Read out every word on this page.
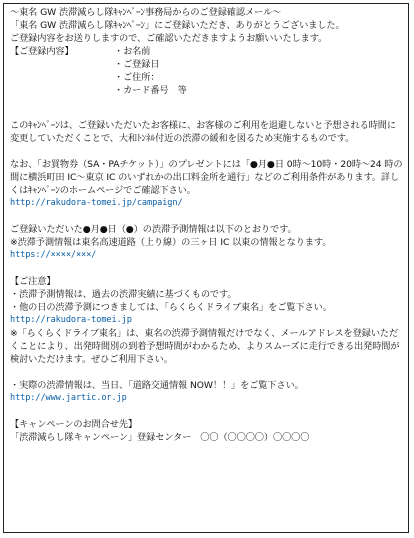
〜東名 GW 渋滞減らし隊ｷｬﾝﾍﾟｰﾝ事務局からのご登録確認メール〜
「東名 GW 渋滞減らし隊ｷｬﾝﾍﾟｰﾝ」にご登録いただき、ありがとうございました。
ご登録内容をお送りしますので、ご確認いただきますようお願いいたします。
【ご登録内容】	・お名前
・ご登録日
・ご住所：
・カード番号　等
このｷｬﾝﾍﾟｰﾝは、ご登録いただいたお客様に、お客様のご利用を退避しないと予想される時間に変更していただくことで、大和ﾄﾝﾈﾙ付近の渋滞の緩和を図るため実施するものです。
なお、「お買物券（SA・PAチケット）」のプレゼントには「●月●日 0時〜10時・20時〜24 時の間に横浜町田 IC〜東京 IC のいずれかの出口料金所を通行」などのご利用条件があります。詳しくはｷｬﾝﾍﾟｰﾝのホームページでご確認下さい。
http://rakudora-tomei.jp/campaign/
ご登録いただいた●月●日（●）の渋滞予測情報は以下のとおりです。
※渋滞予測情報は東名高速道路（上り線）の三ヶ日 IC 以東の情報となります。
https://××××/×××/
【ご注意】
・渋滞予測情報は、過去の渋滞実績に基づくものです。
・他の日の渋滞予測につきましては、「らくらくドライブ東名」をご覧下さい。
http://rakudora-tomei.jp
※「らくらくドライブ東名」は、東名の渋滞予測情報だけでなく、メールアドレスを登録いただくことにより、出発時間別の到着予想時間がわかるため、よりスムーズに走行できる出発時間が検討いただけます。ぜひご利用下さい。
・実際の渋滞情報は、当日、「道路交通情報 NOW！！」をご覧下さい。
http://www.jartic.or.jp
【キャンペーンのお問合せ先】
「渋滞減らし隊キャンペーン」登録センター　〇〇（〇〇〇〇）〇〇〇〇
